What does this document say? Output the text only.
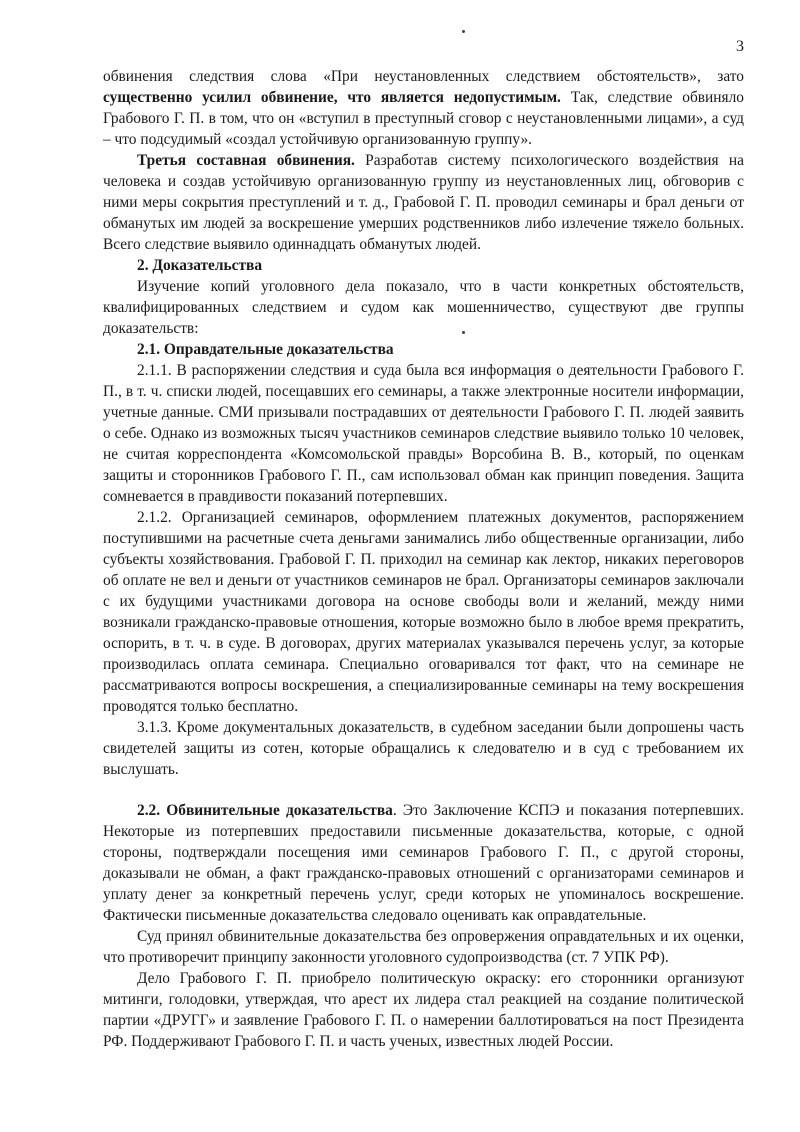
3

обвинения следствия слова «При неустановленных следствием обстоятельств», зато существенно усилил обвинение, что является недопустимым. Так, следствие обвиняло Грабового Г. П. в том, что он «вступил в преступный сговор с неустановленными лицами», а суд – что подсудимый «создал устойчивую организованную группу».

Третья составная обвинения. Разработав систему психологического воздействия на человека и создав устойчивую организованную группу из неустановленных лиц, обговорив с ними меры сокрытия преступлений и т. д., Грабовой Г. П. проводил семинары и брал деньги от обманутых им людей за воскрешение умерших родственников либо излечение тяжело больных. Всего следствие выявило одиннадцать обманутых людей.

2. Доказательства

Изучение копий уголовного дела показало, что в части конкретных обстоятельств, квалифицированных следствием и судом как мошенничество, существуют две группы доказательств:

2.1. Оправдательные доказательства

2.1.1. В распоряжении следствия и суда была вся информация о деятельности Грабового Г. П., в т. ч. списки людей, посещавших его семинары, а также электронные носители информации, учетные данные. СМИ призывали пострадавших от деятельности Грабового Г. П. людей заявить о себе. Однако из возможных тысяч участников семинаров следствие выявило только 10 человек, не считая корреспондента «Комсомольской правды» Ворсобина В. В., который, по оценкам защиты и сторонников Грабового Г. П., сам использовал обман как принцип поведения. Защита сомневается в правдивости показаний потерпевших.

2.1.2. Организацией семинаров, оформлением платежных документов, распоряжением поступившими на расчетные счета деньгами занимались либо общественные организации, либо субъекты хозяйствования. Грабовой Г. П. приходил на семинар как лектор, никаких переговоров об оплате не вел и деньги от участников семинаров не брал. Организаторы семинаров заключали с их будущими участниками договора на основе свободы воли и желаний, между ними возникали гражданско-правовые отношения, которые возможно было в любое время прекратить, оспорить, в т. ч. в суде. В договорах, других материалах указывался перечень услуг, за которые производилась оплата семинара. Специально оговаривался тот факт, что на семинаре не рассматриваются вопросы воскрешения, а специализированные семинары на тему воскрешения проводятся только бесплатно.

3.1.3. Кроме документальных доказательств, в судебном заседании были допрошены часть свидетелей защиты из сотен, которые обращались к следователю и в суд с требованием их выслушать.

2.2. Обвинительные доказательства. Это Заключение КСПЭ и показания потерпевших. Некоторые из потерпевших предоставили письменные доказательства, которые, с одной стороны, подтверждали посещения ими семинаров Грабового Г. П., с другой стороны, доказывали не обман, а факт гражданско-правовых отношений с организаторами семинаров и уплату денег за конкретный перечень услуг, среди которых не упоминалось воскрешение. Фактически письменные доказательства следовало оценивать как оправдательные.

Суд принял обвинительные доказательства без опровержения оправдательных и их оценки, что противоречит принципу законности уголовного судопроизводства (ст. 7 УПК РФ).

Дело Грабового Г. П. приобрело политическую окраску: его сторонники организуют митинги, голодовки, утверждая, что арест их лидера стал реакцией на создание политической партии «ДРУГГ» и заявление Грабового Г. П. о намерении баллотироваться на пост Президента РФ. Поддерживают Грабового Г. П. и часть ученых, известных людей России.
